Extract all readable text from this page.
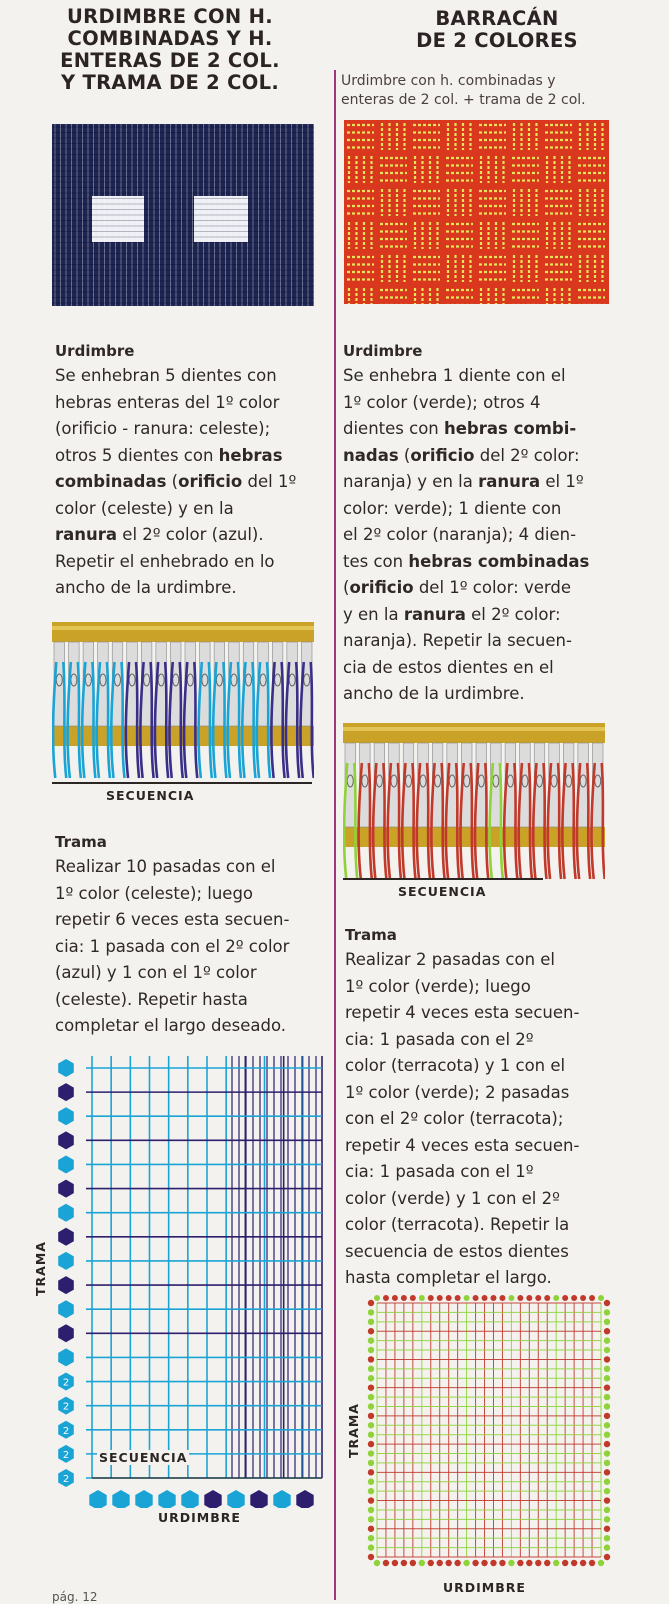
URDIMBRE CON H.
COMBINADAS Y H.
ENTERAS DE 2 COL.
Y TRAMA DE 2 COL.
Urdimbre

Se enhebran 5 dientes con
hebras enteras del 1º color
(orificio - ranura: celeste);
otros 5 dientes con hebras
combinadas (orificio del 1º
color (celeste) y en la
ranura el 2º color (azul).
Repetir el enhebrado en lo
ancho de la urdimbre.

SECUENCIA
Trama

Realizar 10 pasadas con el
1º color (celeste); luego
repetir 6 veces esta secuen-
cia: 1 pasada con el 2º color
(azul) y 1 con el 1º color
(celeste). Repetir hasta
completar el largo deseado.

2
2
2
2
2
TRAMA
URDIMBRE
SECUENCIA
BARRACÁN
DE 2 COLORES
Urdimbre con h. combinadas y
enteras de 2 col. + trama de 2 col.
Urdimbre

Se enhebra 1 diente con el
1º color (verde); otros 4
dientes con hebras combi-
nadas (orificio del 2º color:
naranja) y en la ranura el 1º
color: verde); 1 diente con
el 2º color (naranja); 4 dien-
tes con hebras combinadas
(orificio del 1º color: verde
y en la ranura el 2º color:
naranja). Repetir la secuen-
cia de estos dientes en el
ancho de la urdimbre.

SECUENCIA
Trama

Realizar 2 pasadas con el
1º color (verde); luego
repetir 4 veces esta secuen-
cia: 1 pasada con el 2º
color (terracota) y 1 con el
1º color (verde); 2 pasadas
con el 2º color (terracota);
repetir 4 veces esta secuen-
cia: 1 pasada con el 1º
color (verde) y 1 con el 2º
color (terracota). Repetir la
secuencia de estos dientes
hasta completar el largo.

TRAMA
URDIMBRE
pág. 12
